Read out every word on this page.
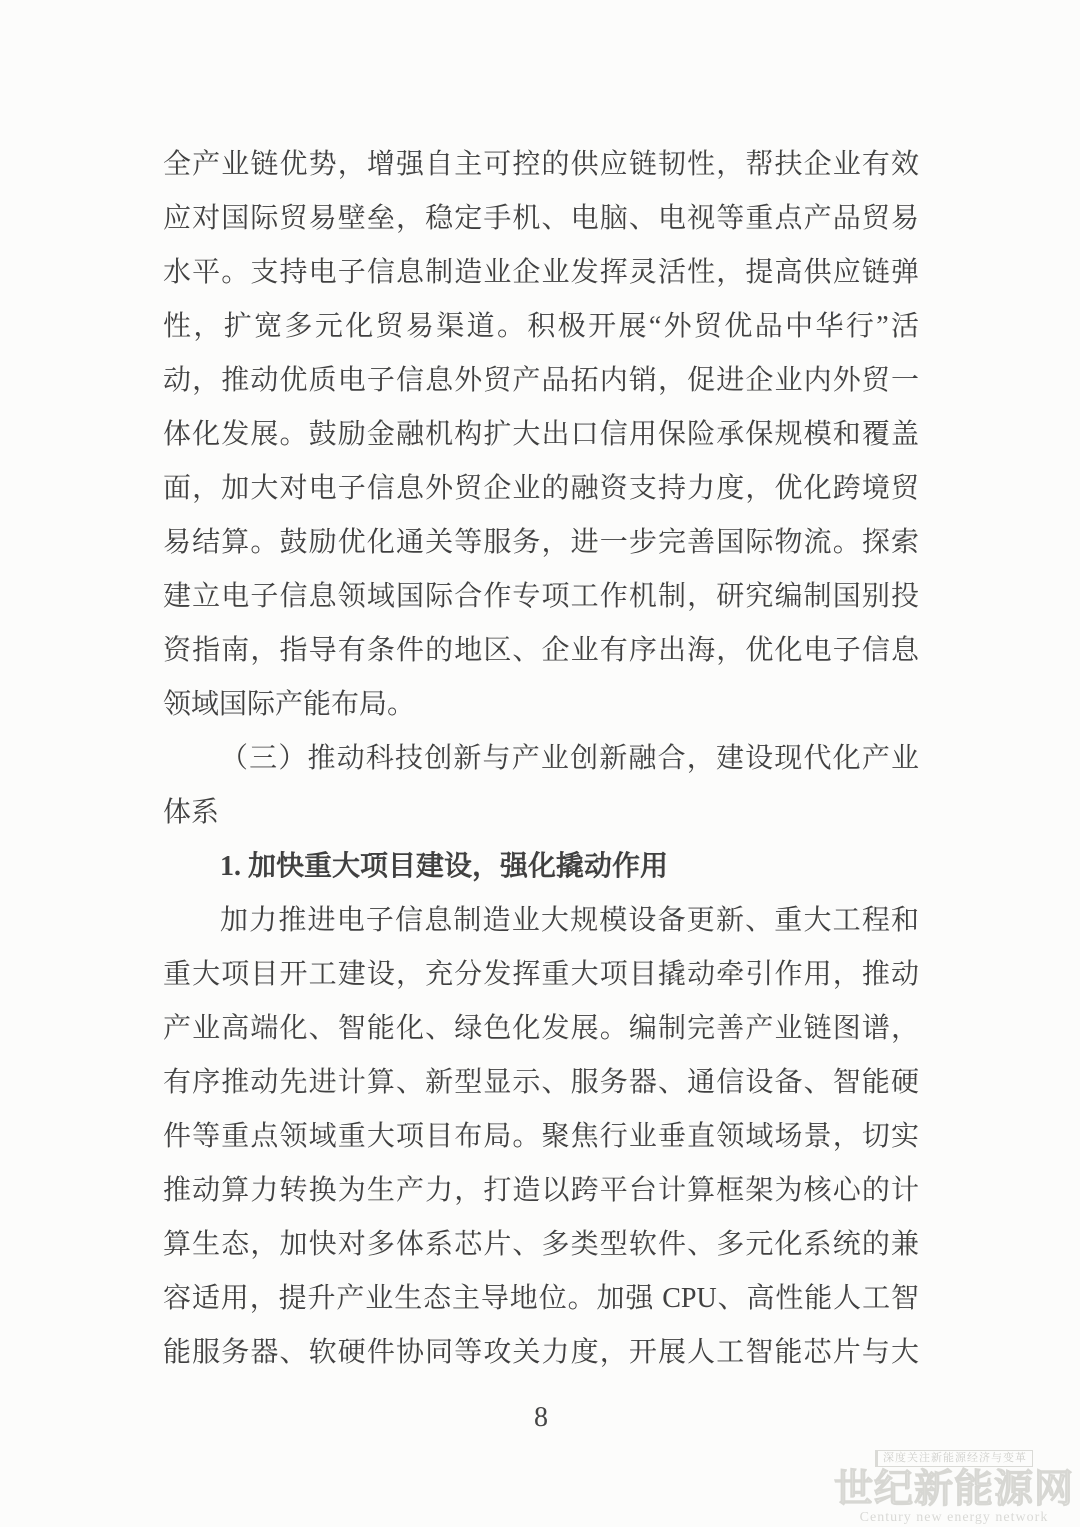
全产业链优势，增强自主可控的供应链韧性，帮扶企业有效
应对国际贸易壁垒，稳定手机、电脑、电视等重点产品贸易
水平。支持电子信息制造业企业发挥灵活性，提高供应链弹
性，扩宽多元化贸易渠道。积极开展“外贸优品中华行”活
动，推动优质电子信息外贸产品拓内销，促进企业内外贸一
体化发展。鼓励金融机构扩大出口信用保险承保规模和覆盖
面，加大对电子信息外贸企业的融资支持力度，优化跨境贸
易结算。鼓励优化通关等服务，进一步完善国际物流。探索
建立电子信息领域国际合作专项工作机制，研究编制国别投
资指南，指导有条件的地区、企业有序出海，优化电子信息
领域国际产能布局。
（三）推动科技创新与产业创新融合，建设现代化产业
体系
1. 加快重大项目建设，强化撬动作用
加力推进电子信息制造业大规模设备更新、重大工程和
重大项目开工建设，充分发挥重大项目撬动牵引作用，推动
产业高端化、智能化、绿色化发展。编制完善产业链图谱，
有序推动先进计算、新型显示、服务器、通信设备、智能硬
件等重点领域重大项目布局。聚焦行业垂直领域场景，切实
推动算力转换为生产力，打造以跨平台计算框架为核心的计
算生态，加快对多体系芯片、多类型软件、多元化系统的兼
容适用，提升产业生态主导地位。加强 CPU、高性能人工智
能服务器、软硬件协同等攻关力度，开展人工智能芯片与大
8
深度关注新能源经济与变革
世纪新能源网
Century new energy network
